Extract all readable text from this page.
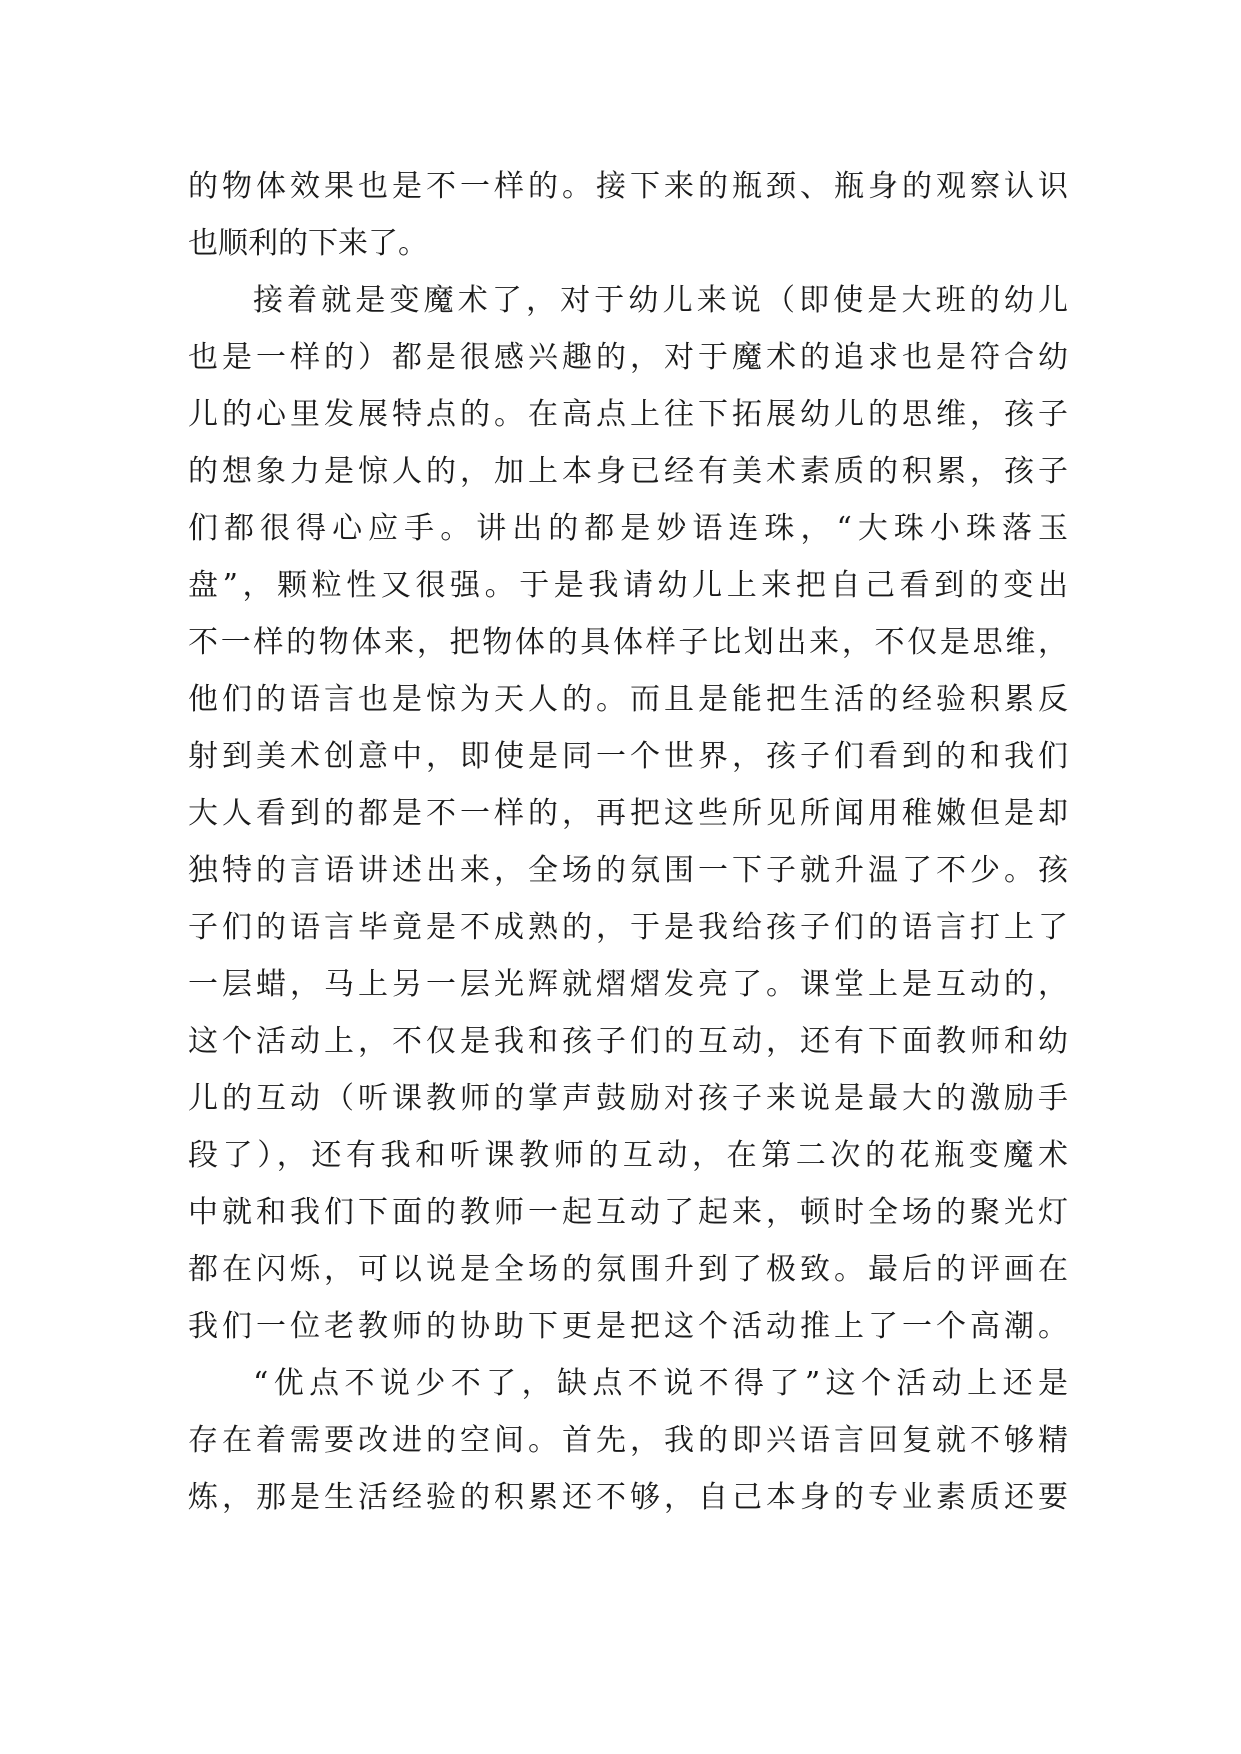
的物体效果也是不一样的。接下来的瓶颈、瓶身的观察认识
也顺利的下来了。
接着就是变魔术了，对于幼儿来说（即使是大班的幼儿
也是一样的）都是很感兴趣的，对于魔术的追求也是符合幼
儿的心里发展特点的。在高点上往下拓展幼儿的思维，孩子
的想象力是惊人的，加上本身已经有美术素质的积累，孩子
们都很得心应手。讲出的都是妙语连珠，“大珠小珠落玉
盘”，颗粒性又很强。于是我请幼儿上来把自己看到的变出
不一样的物体来，把物体的具体样子比划出来，不仅是思维，
他们的语言也是惊为天人的。而且是能把生活的经验积累反
射到美术创意中，即使是同一个世界，孩子们看到的和我们
大人看到的都是不一样的，再把这些所见所闻用稚嫩但是却
独特的言语讲述出来，全场的氛围一下子就升温了不少。孩
子们的语言毕竟是不成熟的，于是我给孩子们的语言打上了
一层蜡，马上另一层光辉就熠熠发亮了。课堂上是互动的，
这个活动上，不仅是我和孩子们的互动，还有下面教师和幼
儿的互动（听课教师的掌声鼓励对孩子来说是最大的激励手
段了），还有我和听课教师的互动，在第二次的花瓶变魔术
中就和我们下面的教师一起互动了起来，顿时全场的聚光灯
都在闪烁，可以说是全场的氛围升到了极致。最后的评画在
我们一位老教师的协助下更是把这个活动推上了一个高潮。
“优点不说少不了，缺点不说不得了”这个活动上还是
存在着需要改进的空间。首先，我的即兴语言回复就不够精
炼，那是生活经验的积累还不够，自己本身的专业素质还要
